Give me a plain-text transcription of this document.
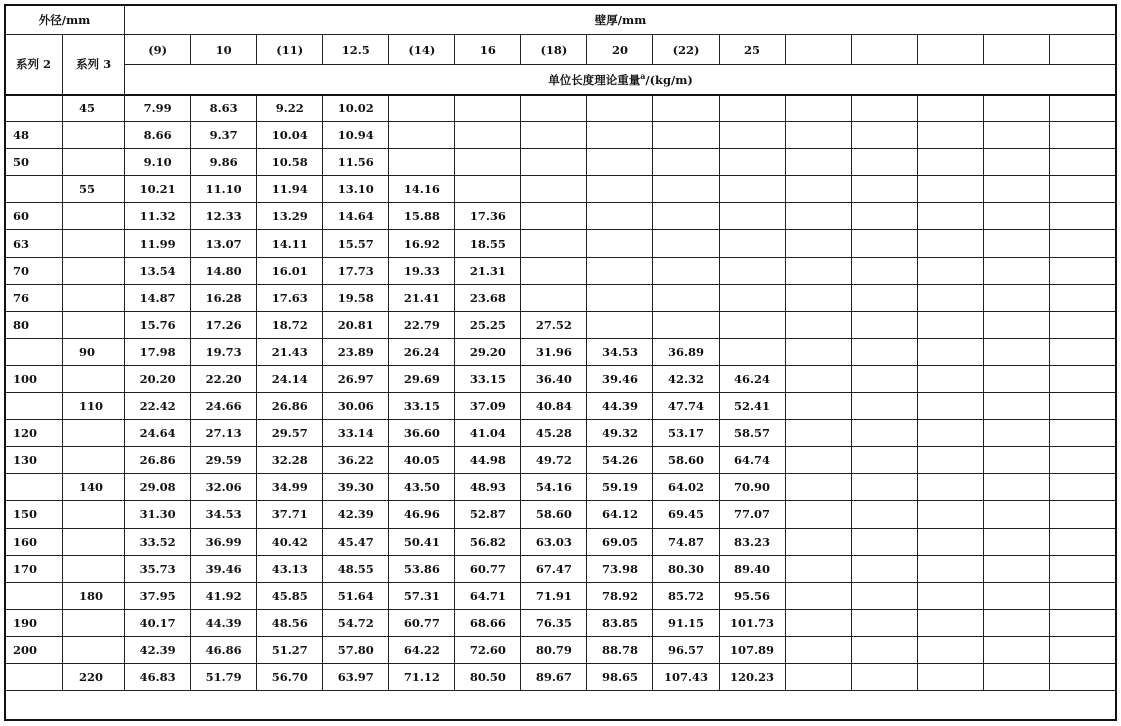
外径/mm		壁厚/mm														
系列 2	系列 3	(9)	10	(11)	12.5	(14)	16	(18)	20	(22)	25					
		单位长度理论重量$^a$/(kg/m)														
	45	7.99	8.63	9.22	10.02											
48		8.66	9.37	10.04	10.94											
50		9.10	9.86	10.58	11.56											
	55	10.21	11.10	11.94	13.10	14.16										
60		11.32	12.33	13.29	14.64	15.88	17.36									
63		11.99	13.07	14.11	15.57	16.92	18.55									
70		13.54	14.80	16.01	17.73	19.33	21.31									
76		14.87	16.28	17.63	19.58	21.41	23.68									
80		15.76	17.26	18.72	20.81	22.79	25.25	27.52								
	90	17.98	19.73	21.43	23.89	26.24	29.20	31.96	34.53	36.89						
100		20.20	22.20	24.14	26.97	29.69	33.15	36.40	39.46	42.32	46.24					
	110	22.42	24.66	26.86	30.06	33.15	37.09	40.84	44.39	47.74	52.41					
120		24.64	27.13	29.57	33.14	36.60	41.04	45.28	49.32	53.17	58.57					
130		26.86	29.59	32.28	36.22	40.05	44.98	49.72	54.26	58.60	64.74					
	140	29.08	32.06	34.99	39.30	43.50	48.93	54.16	59.19	64.02	70.90					
150		31.30	34.53	37.71	42.39	46.96	52.87	58.60	64.12	69.45	77.07					
160		33.52	36.99	40.42	45.47	50.41	56.82	63.03	69.05	74.87	83.23					
170		35.73	39.46	43.13	48.55	53.86	60.77	67.47	73.98	80.30	89.40					
	180	37.95	41.92	45.85	51.64	57.31	64.71	71.91	78.92	85.72	95.56					
190		40.17	44.39	48.56	54.72	60.77	68.66	76.35	83.85	91.15	101.73					
200		42.39	46.86	51.27	57.80	64.22	72.60	80.79	88.78	96.57	107.89					
	220	46.83	51.79	56.70	63.97	71.12	80.50	89.67	98.65	107.43	120.23					
